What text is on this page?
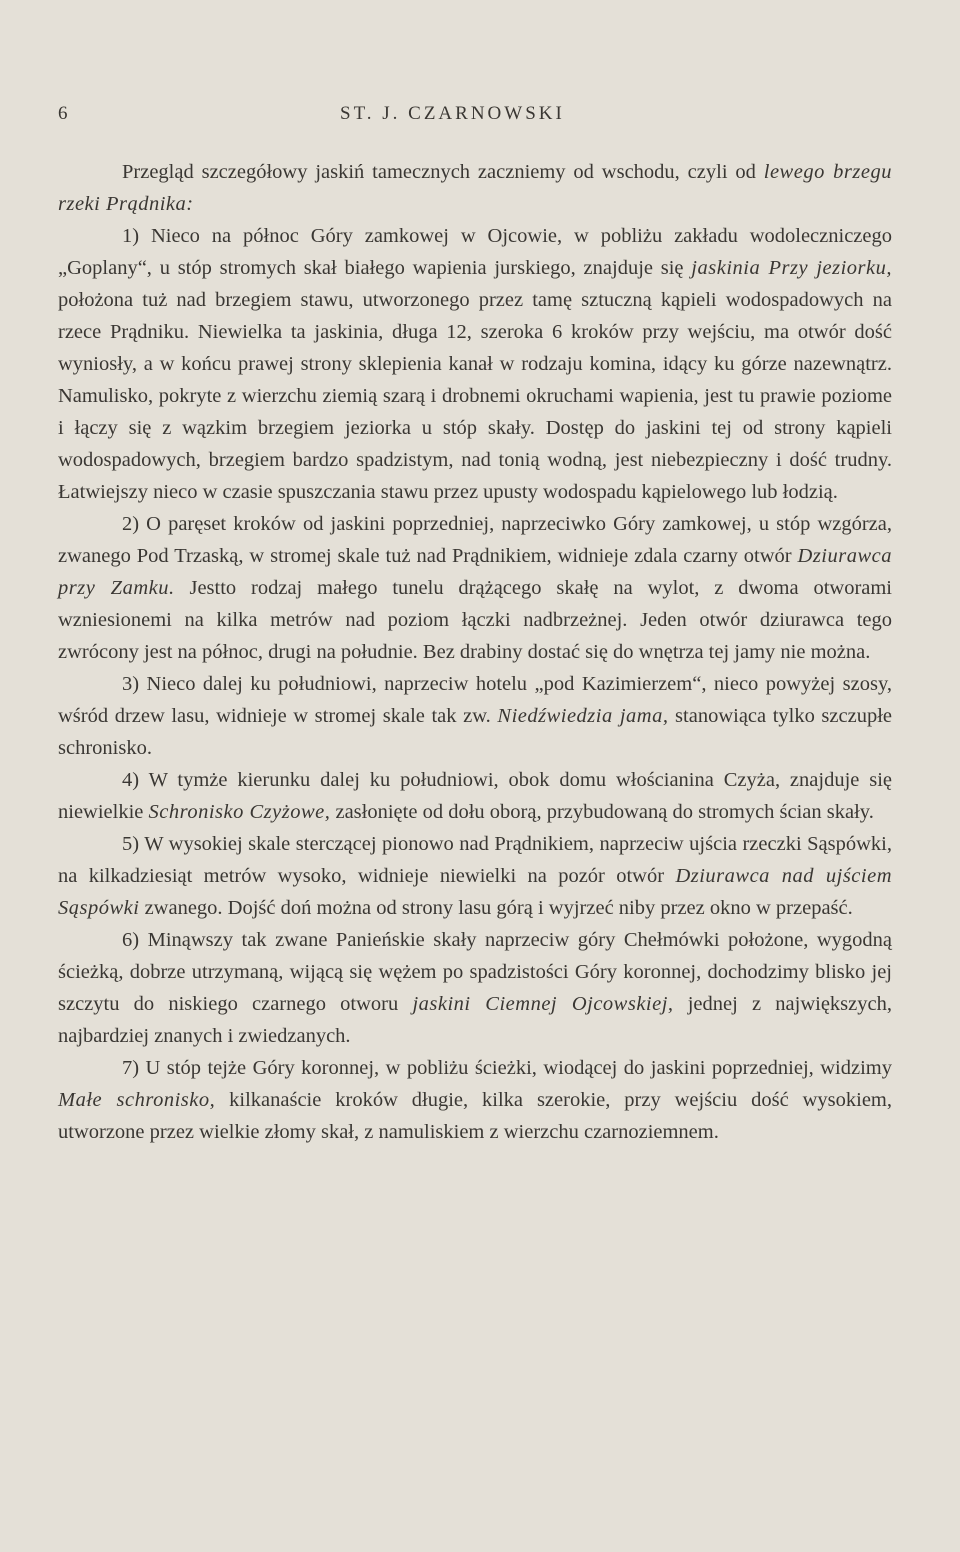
6	ST. J. CZARNOWSKI

Przegląd szczegółowy jaskiń tamecznych zaczniemy od wschodu, czyli od lewego brzegu rzeki Prądnika:

1) Nieco na północ Góry zamkowej w Ojcowie, w pobliżu zakładu wodoleczniczego „Goplany“, u stóp stromych skał białego wapienia jurskiego, znajduje się jaskinia Przy jeziorku, położona tuż nad brzegiem stawu, utworzonego przez tamę sztuczną kąpieli wodospadowych na rzece Prądniku. Niewielka ta jaskinia, długa 12, szeroka 6 kroków przy wejściu, ma otwór dość wyniosły, a w końcu prawej strony sklepienia kanał w rodzaju komina, idący ku górze nazewnątrz. Namulisko, pokryte z wierzchu ziemią szarą i drobnemi okruchami wapienia, jest tu prawie poziome i łączy się z wązkim brzegiem jeziorka u stóp skały. Dostęp do jaskini tej od strony kąpieli wodospadowych, brzegiem bardzo spadzistym, nad tonią wodną, jest niebezpieczny i dość trudny. Łatwiejszy nieco w czasie spuszczania stawu przez upusty wodospadu kąpielowego lub łodzią.

2) O paręset kroków od jaskini poprzedniej, naprzeciwko Góry zamkowej, u stóp wzgórza, zwanego Pod Trzaską, w stromej skale tuż nad Prądnikiem, widnieje zdala czarny otwór Dziurawca przy Zamku. Jestto rodzaj małego tunelu drążącego skałę na wylot, z dwoma otworami wzniesionemi na kilka metrów nad poziom łączki nadbrzeżnej. Jeden otwór dziurawca tego zwrócony jest na północ, drugi na południe. Bez drabiny dostać się do wnętrza tej jamy nie można.

3) Nieco dalej ku południowi, naprzeciw hotelu „pod Kazimierzem“, nieco powyżej szosy, wśród drzew lasu, widnieje w stromej skale tak zw. Niedźwiedzia jama, stanowiąca tylko szczupłe schronisko.

4) W tymże kierunku dalej ku południowi, obok domu włościanina Czyża, znajduje się niewielkie Schronisko Czyżowe, zasłonięte od dołu oborą, przybudowaną do stromych ścian skały.

5) W wysokiej skale sterczącej pionowo nad Prądnikiem, naprzeciw ujścia rzeczki Sąspówki, na kilkadziesiąt metrów wysoko, widnieje niewielki na pozór otwór Dziurawca nad ujściem Sąspówki zwanego. Dojść doń można od strony lasu górą i wyjrzeć niby przez okno w przepaść.

6) Minąwszy tak zwane Panieńskie skały naprzeciw góry Chełmówki położone, wygodną ścieżką, dobrze utrzymaną, wijącą się wężem po spadzistości Góry koronnej, dochodzimy blisko jej szczytu do niskiego czarnego otworu jaskini Ciemnej Ojcowskiej, jednej z największych, najbardziej znanych i zwiedzanych.

7) U stóp tejże Góry koronnej, w pobliżu ścieżki, wiodącej do jaskini poprzedniej, widzimy Małe schronisko, kilkanaście kroków długie, kilka szerokie, przy wejściu dość wysokiem, utworzone przez wielkie złomy skał, z namuliskiem z wierzchu czarnoziemnem.
